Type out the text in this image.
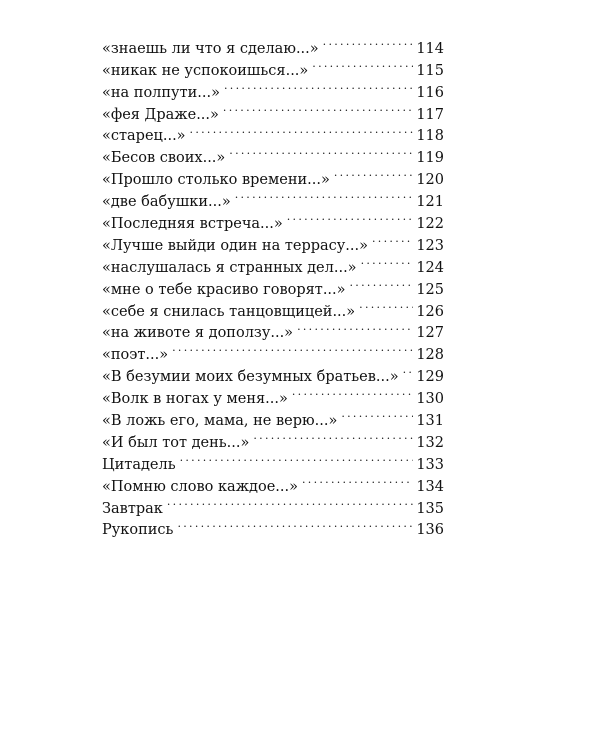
«знаешь ли что я сделаю...» . . .	114
«никак не успокоишься...» . . .	115
«на полпути...» . . .	116
«фея Драже...» . . .	117
«старец...» . . .	118
«Бесов своих...» . . .	119
«Прошло столько времени...» . . .	120
«две бабушки...» . . .	121
«Последняя встреча...» . . .	122
«Лучше выйди один на террасу...» . . .	123
«наслушалась я странных дел...» . . .	124
«мне о тебе красиво говорят...» . . .	125
«себе я снилась танцовщицей...» . . .	126
«на животе я доползу...» . . .	127
«поэт...» . . .	128
«В безумии моих безумных братьев...» . . . 129
«Волк в ногах у меня...» . . .	130
«В ложь его, мама, не верю...» . . .	131
«И был тот день...» . . .	132
Цитадель . . .	133
«Помню слово каждое...» . . .	134
Завтрак . . .	135
Рукопись . . .	136
